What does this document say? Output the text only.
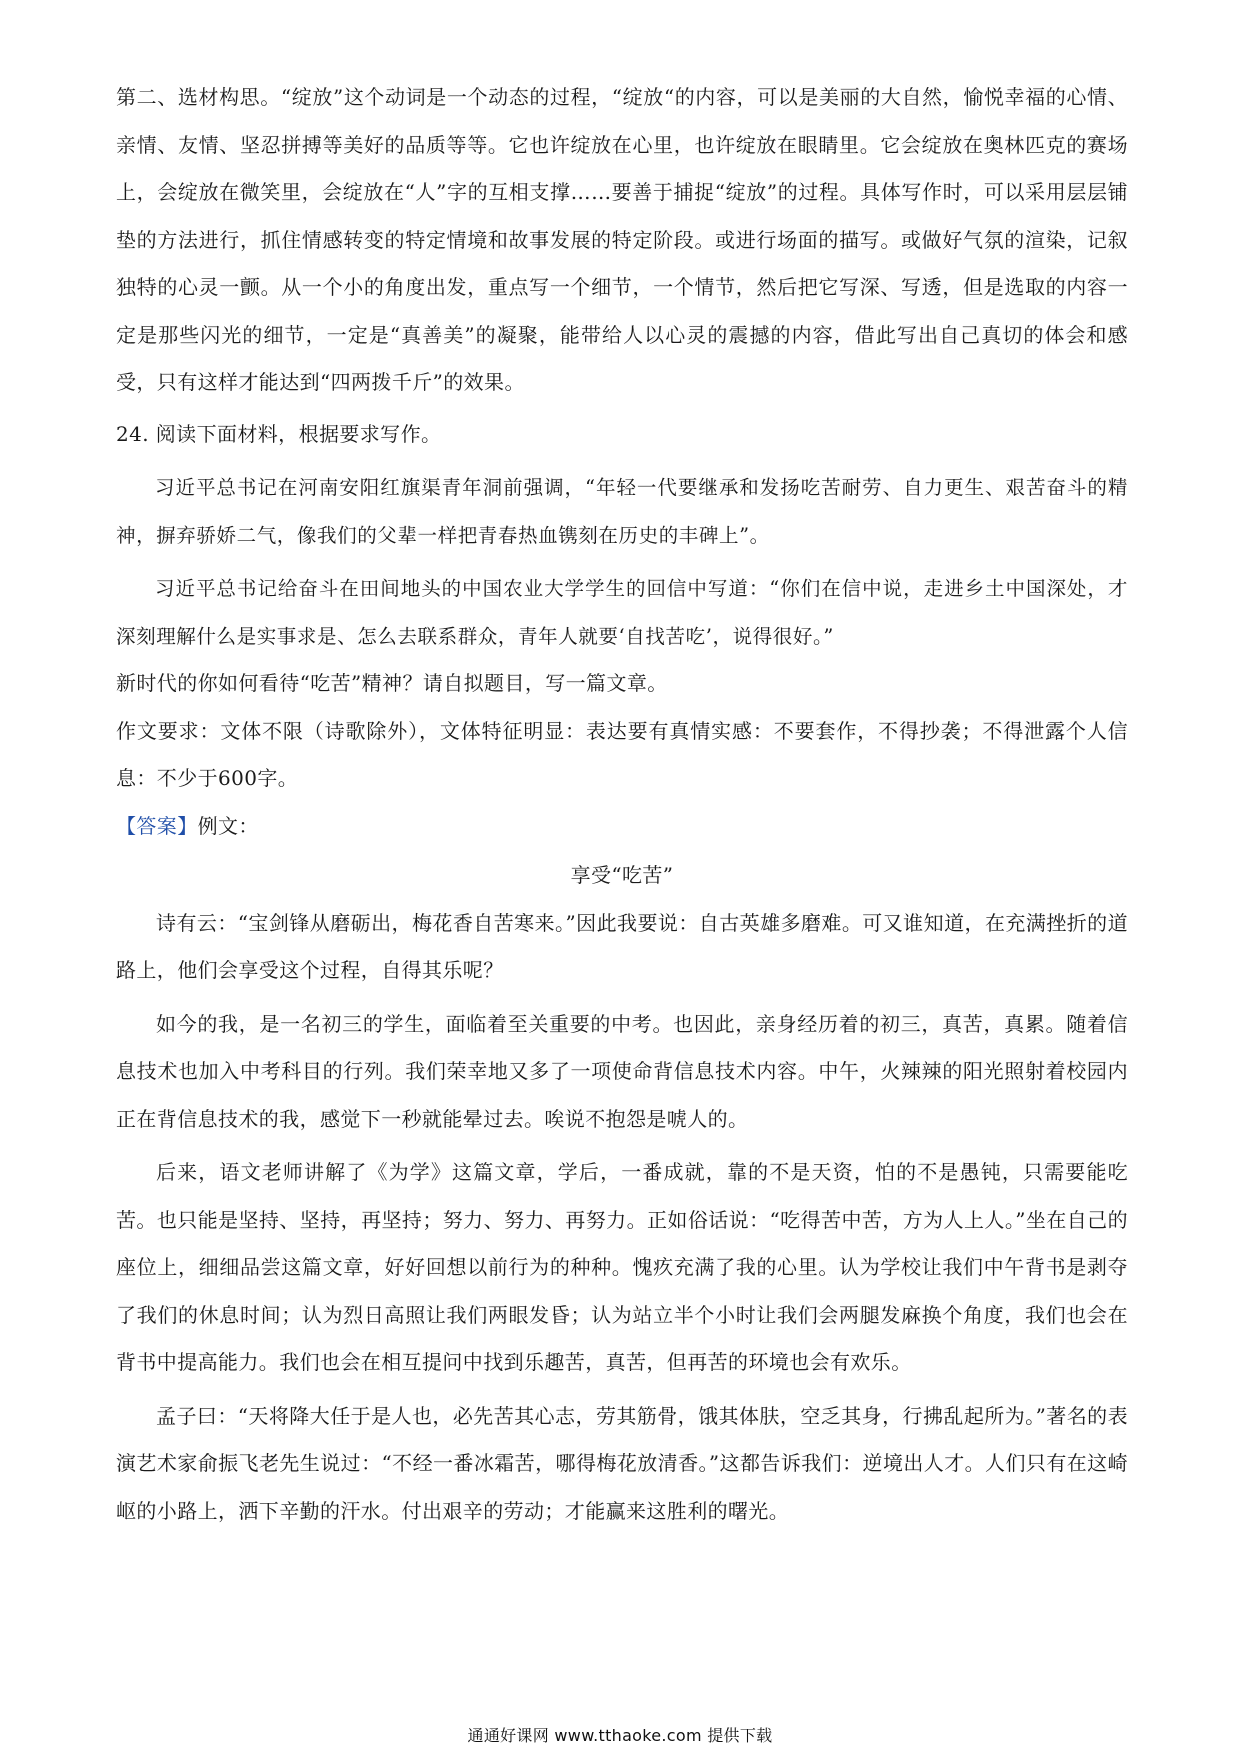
第二、选材构思。“绽放”这个动词是一个动态的过程，“绽放“的内容，可以是美丽的大自然，愉悦幸福的心情、亲情、友情、坚忍拼搏等美好的品质等等。它也许绽放在心里，也许绽放在眼睛里。它会绽放在奥林匹克的赛场上，会绽放在微笑里，会绽放在“人”字的互相支撑……要善于捕捉“绽放”的过程。具体写作时，可以采用层层铺垫的方法进行，抓住情感转变的特定情境和故事发展的特定阶段。或进行场面的描写。或做好气氛的渲染，记叙独特的心灵一颤。从一个小的角度出发，重点写一个细节，一个情节，然后把它写深、写透，但是选取的内容一定是那些闪光的细节，一定是“真善美”的凝聚，能带给人以心灵的震撼的内容，借此写出自己真切的体会和感受，只有这样才能达到“四两拨千斤”的效果。

24. 阅读下面材料，根据要求写作。

习近平总书记在河南安阳红旗渠青年洞前强调，“年轻一代要继承和发扬吃苦耐劳、自力更生、艰苦奋斗的精神，摒弃骄娇二气，像我们的父辈一样把青春热血镌刻在历史的丰碑上”。

习近平总书记给奋斗在田间地头的中国农业大学学生的回信中写道：“你们在信中说，走进乡土中国深处，才深刻理解什么是实事求是、怎么去联系群众，青年人就要‘自找苦吃’，说得很好。”

新时代的你如何看待“吃苦”精神？请自拟题目，写一篇文章。

作文要求：文体不限（诗歌除外），文体特征明显：表达要有真情实感：不要套作，不得抄袭；不得泄露个人信息：不少于600字。

【答案】例文：

享受“吃苦”

诗有云：“宝剑锋从磨砺出，梅花香自苦寒来。”因此我要说：自古英雄多磨难。可又谁知道，在充满挫折的道路上，他们会享受这个过程，自得其乐呢？

如今的我，是一名初三的学生，面临着至关重要的中考。也因此，亲身经历着的初三，真苦，真累。随着信息技术也加入中考科目的行列。我们荣幸地又多了一项使命背信息技术内容。中午，火辣辣的阳光照射着校园内正在背信息技术的我，感觉下一秒就能晕过去。唉说不抱怨是唬人的。

后来，语文老师讲解了《为学》这篇文章，学后，一番成就，靠的不是天资，怕的不是愚钝，只需要能吃苦。也只能是坚持、坚持，再坚持；努力、努力、再努力。正如俗话说：“吃得苦中苦，方为人上人。”坐在自己的座位上，细细品尝这篇文章，好好回想以前行为的种种。愧疚充满了我的心里。认为学校让我们中午背书是剥夺了我们的休息时间；认为烈日高照让我们两眼发昏；认为站立半个小时让我们会两腿发麻换个角度，我们也会在背书中提高能力。我们也会在相互提问中找到乐趣苦，真苦，但再苦的环境也会有欢乐。

孟子曰：“天将降大任于是人也，必先苦其心志，劳其筋骨，饿其体肤，空乏其身，行拂乱起所为。”著名的表演艺术家俞振飞老先生说过：“不经一番冰霜苦，哪得梅花放清香。”这都告诉我们：逆境出人才。人们只有在这崎岖的小路上，洒下辛勤的汗水。付出艰辛的劳动；才能赢来这胜利的曙光。

通通好课网 www.tthaoke.com 提供下载
